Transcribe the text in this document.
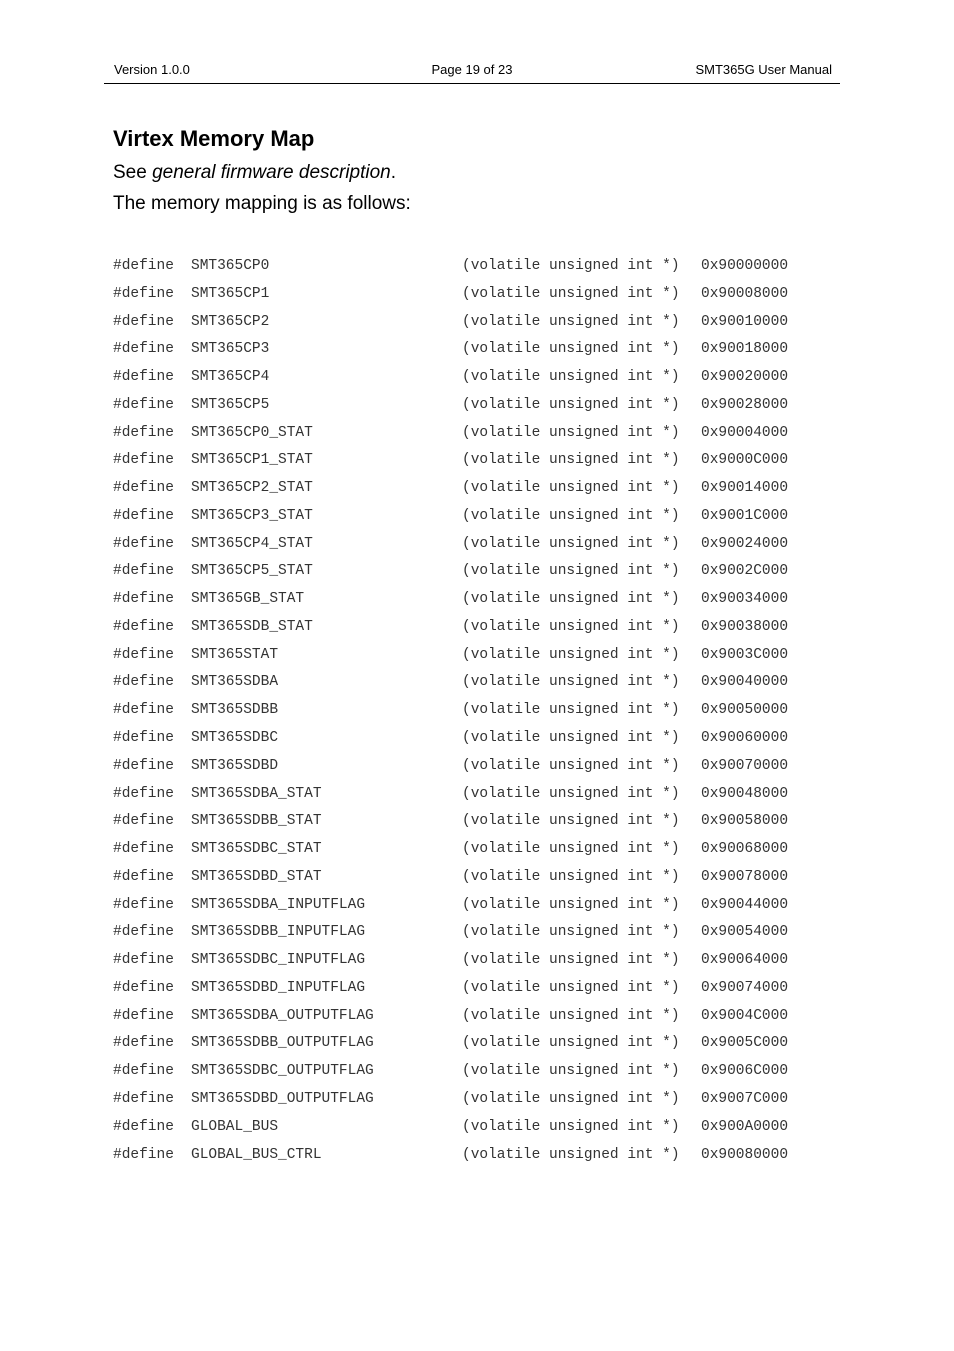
Version 1.0.0	Page 19 of 23	SMT365G User Manual
Virtex Memory Map

See general firmware description.

The memory mapping is as follows:

#define SMT365CP0	(volatile unsigned int *) 0x90000000
#define SMT365CP1	(volatile unsigned int *) 0x90008000
#define SMT365CP2	(volatile unsigned int *) 0x90010000
#define SMT365CP3	(volatile unsigned int *) 0x90018000
#define SMT365CP4	(volatile unsigned int *) 0x90020000
#define SMT365CP5	(volatile unsigned int *) 0x90028000
#define SMT365CP0_STAT	(volatile unsigned int *) 0x90004000
#define SMT365CP1_STAT	(volatile unsigned int *) 0x9000C000
#define SMT365CP2_STAT	(volatile unsigned int *) 0x90014000
#define SMT365CP3_STAT	(volatile unsigned int *) 0x9001C000
#define SMT365CP4_STAT	(volatile unsigned int *) 0x90024000
#define SMT365CP5_STAT	(volatile unsigned int *) 0x9002C000
#define SMT365GB_STAT	(volatile unsigned int *) 0x90034000
#define SMT365SDB_STAT	(volatile unsigned int *) 0x90038000
#define SMT365STAT	(volatile unsigned int *) 0x9003C000
#define SMT365SDBA	(volatile unsigned int *) 0x90040000
#define SMT365SDBB	(volatile unsigned int *) 0x90050000
#define SMT365SDBC	(volatile unsigned int *) 0x90060000
#define SMT365SDBD	(volatile unsigned int *) 0x90070000
#define SMT365SDBA_STAT	(volatile unsigned int *) 0x90048000
#define SMT365SDBB_STAT	(volatile unsigned int *) 0x90058000
#define SMT365SDBC_STAT	(volatile unsigned int *) 0x90068000
#define SMT365SDBD_STAT	(volatile unsigned int *) 0x90078000
#define SMT365SDBA_INPUTFLAG	(volatile unsigned int *) 0x90044000
#define SMT365SDBB_INPUTFLAG	(volatile unsigned int *) 0x90054000
#define SMT365SDBC_INPUTFLAG	(volatile unsigned int *) 0x90064000
#define SMT365SDBD_INPUTFLAG	(volatile unsigned int *) 0x90074000
#define SMT365SDBA_OUTPUTFLAG	(volatile unsigned int *) 0x9004C000
#define SMT365SDBB_OUTPUTFLAG	(volatile unsigned int *) 0x9005C000
#define SMT365SDBC_OUTPUTFLAG	(volatile unsigned int *) 0x9006C000
#define SMT365SDBD_OUTPUTFLAG	(volatile unsigned int *) 0x9007C000
#define GLOBAL_BUS	(volatile unsigned int *) 0x900A0000
#define GLOBAL_BUS_CTRL	(volatile unsigned int *) 0x90080000
